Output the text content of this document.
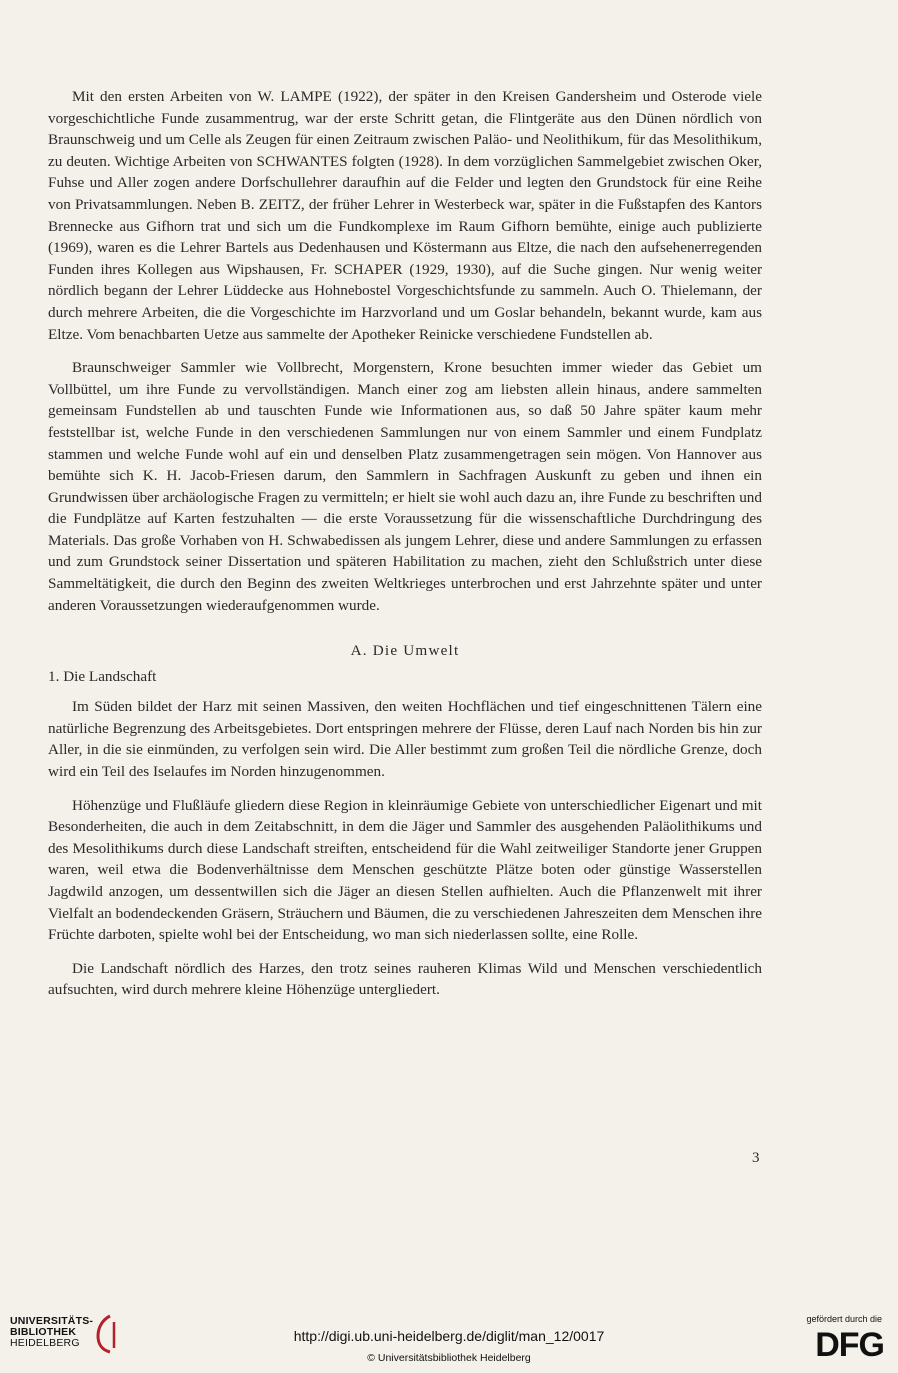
Mit den ersten Arbeiten von W. LAMPE (1922), der später in den Kreisen Gandersheim und Osterode viele vorgeschichtliche Funde zusammentrug, war der erste Schritt getan, die Flintgeräte aus den Dünen nördlich von Braunschweig und um Celle als Zeugen für einen Zeitraum zwischen Paläo- und Neolithikum, für das Mesolithikum, zu deuten. Wichtige Arbeiten von SCHWANTES folgten (1928). In dem vorzüglichen Sammelgebiet zwischen Oker, Fuhse und Aller zogen andere Dorfschullehrer daraufhin auf die Felder und legten den Grundstock für eine Reihe von Privatsammlungen. Neben B. ZEITZ, der früher Lehrer in Westerbeck war, später in die Fußstapfen des Kantors Brennecke aus Gifhorn trat und sich um die Fundkomplexe im Raum Gifhorn bemühte, einige auch publizierte (1969), waren es die Lehrer Bartels aus Dedenhausen und Köstermann aus Eltze, die nach den aufsehenerregenden Funden ihres Kollegen aus Wipshausen, Fr. SCHAPER (1929, 1930), auf die Suche gingen. Nur wenig weiter nördlich begann der Lehrer Lüddecke aus Hohnebostel Vorgeschichtsfunde zu sammeln. Auch O. Thielemann, der durch mehrere Arbeiten, die die Vorgeschichte im Harzvorland und um Goslar behandeln, bekannt wurde, kam aus Eltze. Vom benachbarten Uetze aus sammelte der Apotheker Reinicke verschiedene Fundstellen ab.

Braunschweiger Sammler wie Vollbrecht, Morgenstern, Krone besuchten immer wieder das Gebiet um Vollbüttel, um ihre Funde zu vervollständigen. Manch einer zog am liebsten allein hinaus, andere sammelten gemeinsam Fundstellen ab und tauschten Funde wie Informationen aus, so daß 50 Jahre später kaum mehr feststellbar ist, welche Funde in den verschiedenen Sammlungen nur von einem Sammler und einem Fundplatz stammen und welche Funde wohl auf ein und denselben Platz zusammengetragen sein mögen. Von Hannover aus bemühte sich K. H. Jacob-Friesen darum, den Sammlern in Sachfragen Auskunft zu geben und ihnen ein Grundwissen über archäologische Fragen zu vermitteln; er hielt sie wohl auch dazu an, ihre Funde zu beschriften und die Fundplätze auf Karten festzuhalten — die erste Voraussetzung für die wissenschaftliche Durchdringung des Materials. Das große Vorhaben von H. Schwabedissen als jungem Lehrer, diese und andere Sammlungen zu erfassen und zum Grundstock seiner Dissertation und späteren Habilitation zu machen, zieht den Schlußstrich unter diese Sammeltätigkeit, die durch den Beginn des zweiten Weltkrieges unterbrochen und erst Jahrzehnte später und unter anderen Voraussetzungen wiederaufgenommen wurde.

A. Die Umwelt
1. Die Landschaft

Im Süden bildet der Harz mit seinen Massiven, den weiten Hochflächen und tief eingeschnittenen Tälern eine natürliche Begrenzung des Arbeitsgebietes. Dort entspringen mehrere der Flüsse, deren Lauf nach Norden bis hin zur Aller, in die sie einmünden, zu verfolgen sein wird. Die Aller bestimmt zum großen Teil die nördliche Grenze, doch wird ein Teil des Iselaufes im Norden hinzugenommen.

Höhenzüge und Flußläufe gliedern diese Region in kleinräumige Gebiete von unterschiedlicher Eigenart und mit Besonderheiten, die auch in dem Zeitabschnitt, in dem die Jäger und Sammler des ausgehenden Paläolithikums und des Mesolithikums durch diese Landschaft streiften, entscheidend für die Wahl zeitweiliger Standorte jener Gruppen waren, weil etwa die Bodenverhältnisse dem Menschen geschützte Plätze boten oder günstige Wasserstellen Jagdwild anzogen, um dessentwillen sich die Jäger an diesen Stellen aufhielten. Auch die Pflanzenwelt mit ihrer Vielfalt an bodendeckenden Gräsern, Sträuchern und Bäumen, die zu verschiedenen Jahreszeiten dem Menschen ihre Früchte darboten, spielte wohl bei der Entscheidung, wo man sich niederlassen sollte, eine Rolle.

Die Landschaft nördlich des Harzes, den trotz seines rauheren Klimas Wild und Menschen verschiedentlich aufsuchten, wird durch mehrere kleine Höhenzüge untergliedert.

3
UNIVERSITÄTS-
BIBLIOTHEK
HEIDELBERG	http://digi.ub.uni-heidelberg.de/diglit/man_12/0017
© Universitätsbibliothek Heidelberg
gefördert durch die
DFG
